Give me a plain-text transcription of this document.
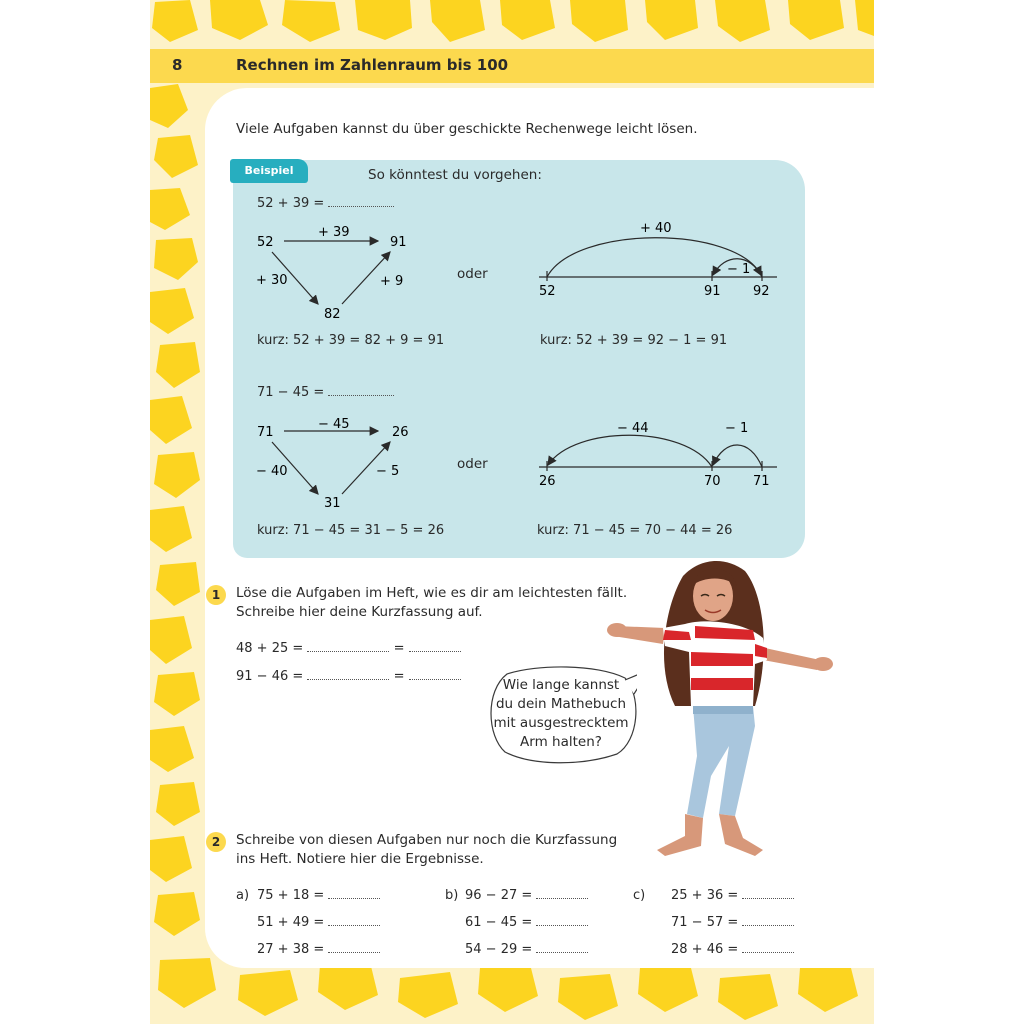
8	Rechnen im Zahlenraum bis 100
Viele Aufgaben kannst du über geschickte Rechenwege leicht lösen.
Beispiel	So könntest du vorgehen:
52 + 39 =
52
+ 39
91
+ 30	+ 9
82
oder
+ 40
− 1
52	91 92
kurz: 52 + 39 = 82 + 9 = 91	kurz: 52 + 39 = 92 − 1 = 91
71 − 45 =
71
− 45
26
− 40	− 5
31
oder
− 44	− 1
26	70 71
kurz: 71 − 45 = 31 − 5 = 26	kurz: 71 − 45 = 70 − 44 = 26
1	Löse die Aufgaben im Heft, wie es dir am leichtesten fällt.
Schreibe hier deine Kurzfassung auf.
48 + 25 =	=
91 − 46 =	=
Wie lange kannst
du dein Mathebuch
mit ausgestrecktem
Arm halten?
2	Schreibe von diesen Aufgaben nur noch die Kurzfassung
ins Heft. Notiere hier die Ergebnisse.
a) 75 + 18 =
51 + 49 =
27 + 38 =
b) 96 − 27 =
61 − 45 =
54 − 29 =
c) 25 + 36 =
71 − 57 =
28 + 46 =
